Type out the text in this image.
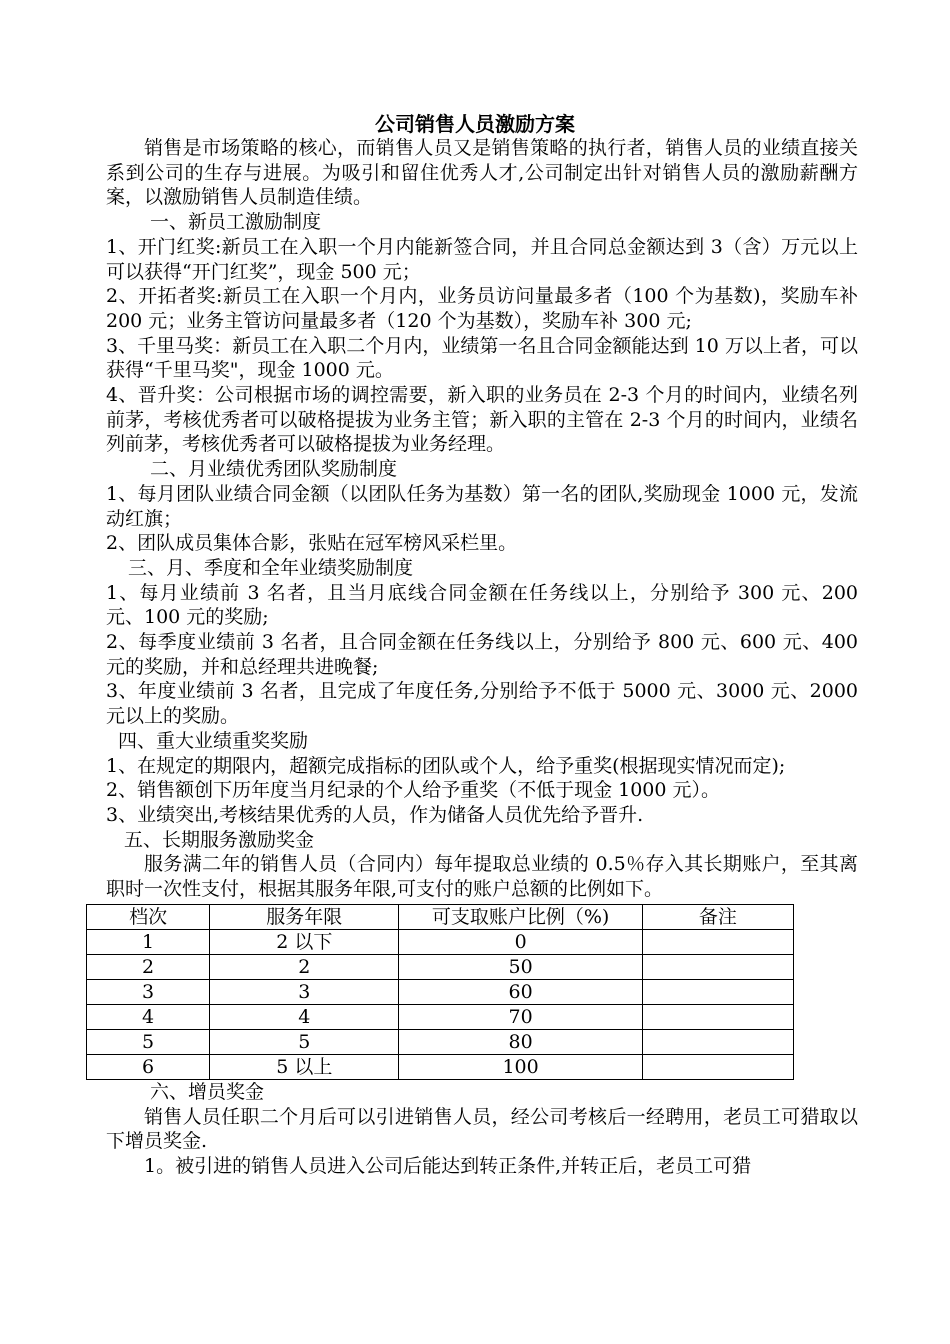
公司销售人员激励方案

销售是市场策略的核心，而销售人员又是销售策略的执行者，销售人员的业绩直接关系到公司的生存与进展。为吸引和留住优秀人才,公司制定出针对销售人员的激励薪酬方案，以激励销售人员制造佳绩。

一、新员工激励制度

1、开门红奖:新员工在入职一个月内能新签合同，并且合同总金额达到 3（含）万元以上可以获得“开门红奖”，现金 500 元；

2、开拓者奖:新员工在入职一个月内，业务员访问量最多者（100 个为基数)，奖励车补 200 元；业务主管访问量最多者（120 个为基数），奖励车补 300 元;

3、千里马奖：新员工在入职二个月内，业绩第一名且合同金额能达到 10 万以上者，可以获得“千里马奖"，现金 1000 元。

4、晋升奖：公司根据市场的调控需要，新入职的业务员在 2-3 个月的时间内，业绩名列前茅，考核优秀者可以破格提拔为业务主管；新入职的主管在 2-3 个月的时间内，业绩名列前茅，考核优秀者可以破格提拔为业务经理。

二、月业绩优秀团队奖励制度

1、每月团队业绩合同金额（以团队任务为基数）第一名的团队,奖励现金 1000 元，发流动红旗；

2、团队成员集体合影，张贴在冠军榜风采栏里。

三、月、季度和全年业绩奖励制度

1、每月业绩前 3 名者，且当月底线合同金额在任务线以上，分别给予 300 元、200 元、100 元的奖励;

2、每季度业绩前 3 名者，且合同金额在任务线以上，分别给予 800 元、600 元、400 元的奖励，并和总经理共进晚餐;

3、年度业绩前 3 名者，且完成了年度任务,分别给予不低于 5000 元、3000 元、2000 元以上的奖励。

四、重大业绩重奖奖励

1、在规定的期限内，超额完成指标的团队或个人，给予重奖(根据现实情况而定);

2、销售额创下历年度当月纪录的个人给予重奖（不低于现金 1000 元）。

3、业绩突出,考核结果优秀的人员，作为储备人员优先给予晋升.

五、长期服务激励奖金

服务满二年的销售人员（合同内）每年提取总业绩的 0.5％存入其长期账户，至其离职时一次性支付，根据其服务年限,可支付的账户总额的比例如下。

档次	服务年限	可支取账户比例（%)	备注
1	2 以下	0	
2	2	50	
3	3	60	
4	4	70	
5	5	80	
6	5 以上	100	

六、增员奖金

销售人员任职二个月后可以引进销售人员，经公司考核后一经聘用，老员工可猎取以下增员奖金.

1。被引进的销售人员进入公司后能达到转正条件,并转正后，老员工可猎
